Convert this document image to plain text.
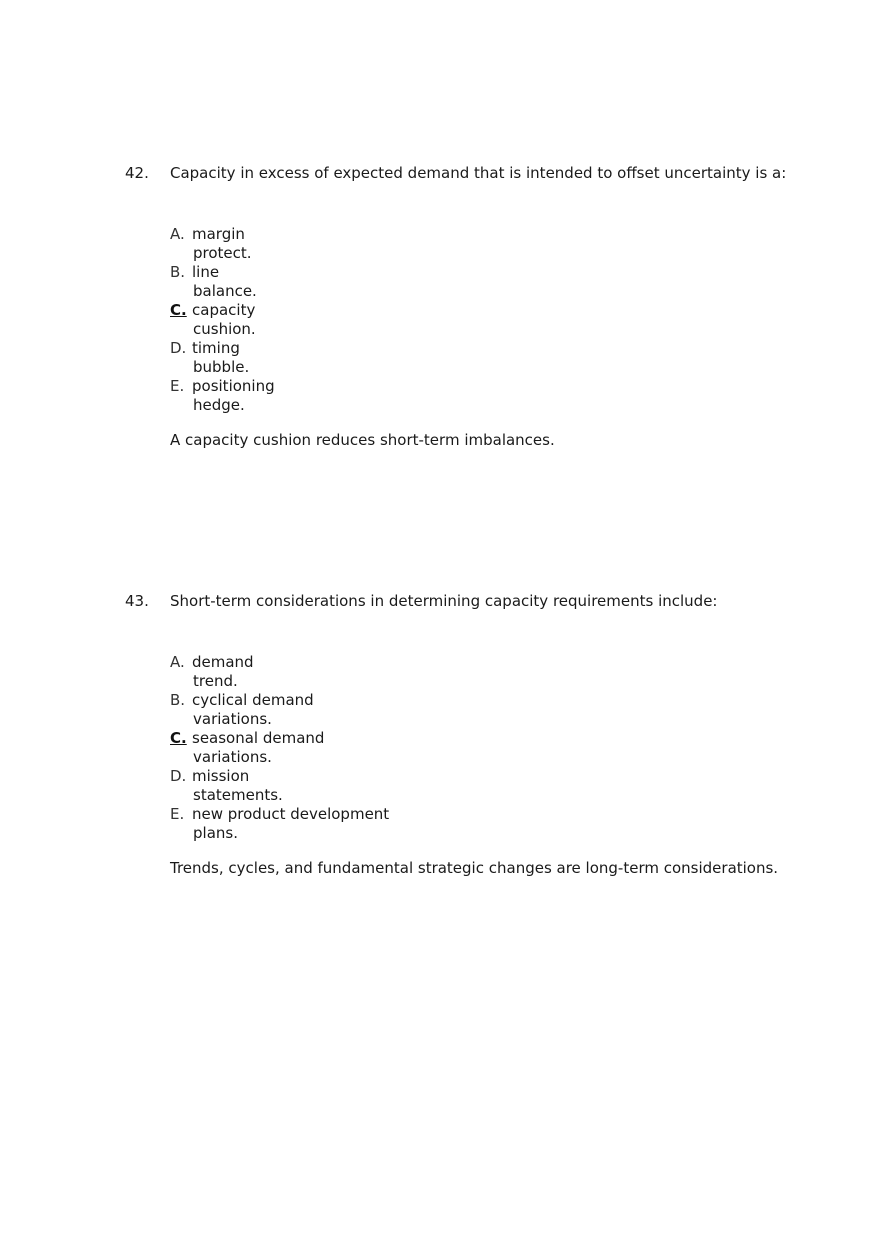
42. Capacity in excess of expected demand that is intended to offset uncertainty is a:
A. margin
protect.
B. line
balance.
C. capacity
cushion.
D. timing
bubble.
E. positioning
hedge.
A capacity cushion reduces short-term imbalances.
43. Short-term considerations in determining capacity requirements include:
A. demand
trend.
B. cyclical demand
variations.
C. seasonal demand
variations.
D. mission
statements.
E. new product development
plans.
Trends, cycles, and fundamental strategic changes are long-term considerations.
